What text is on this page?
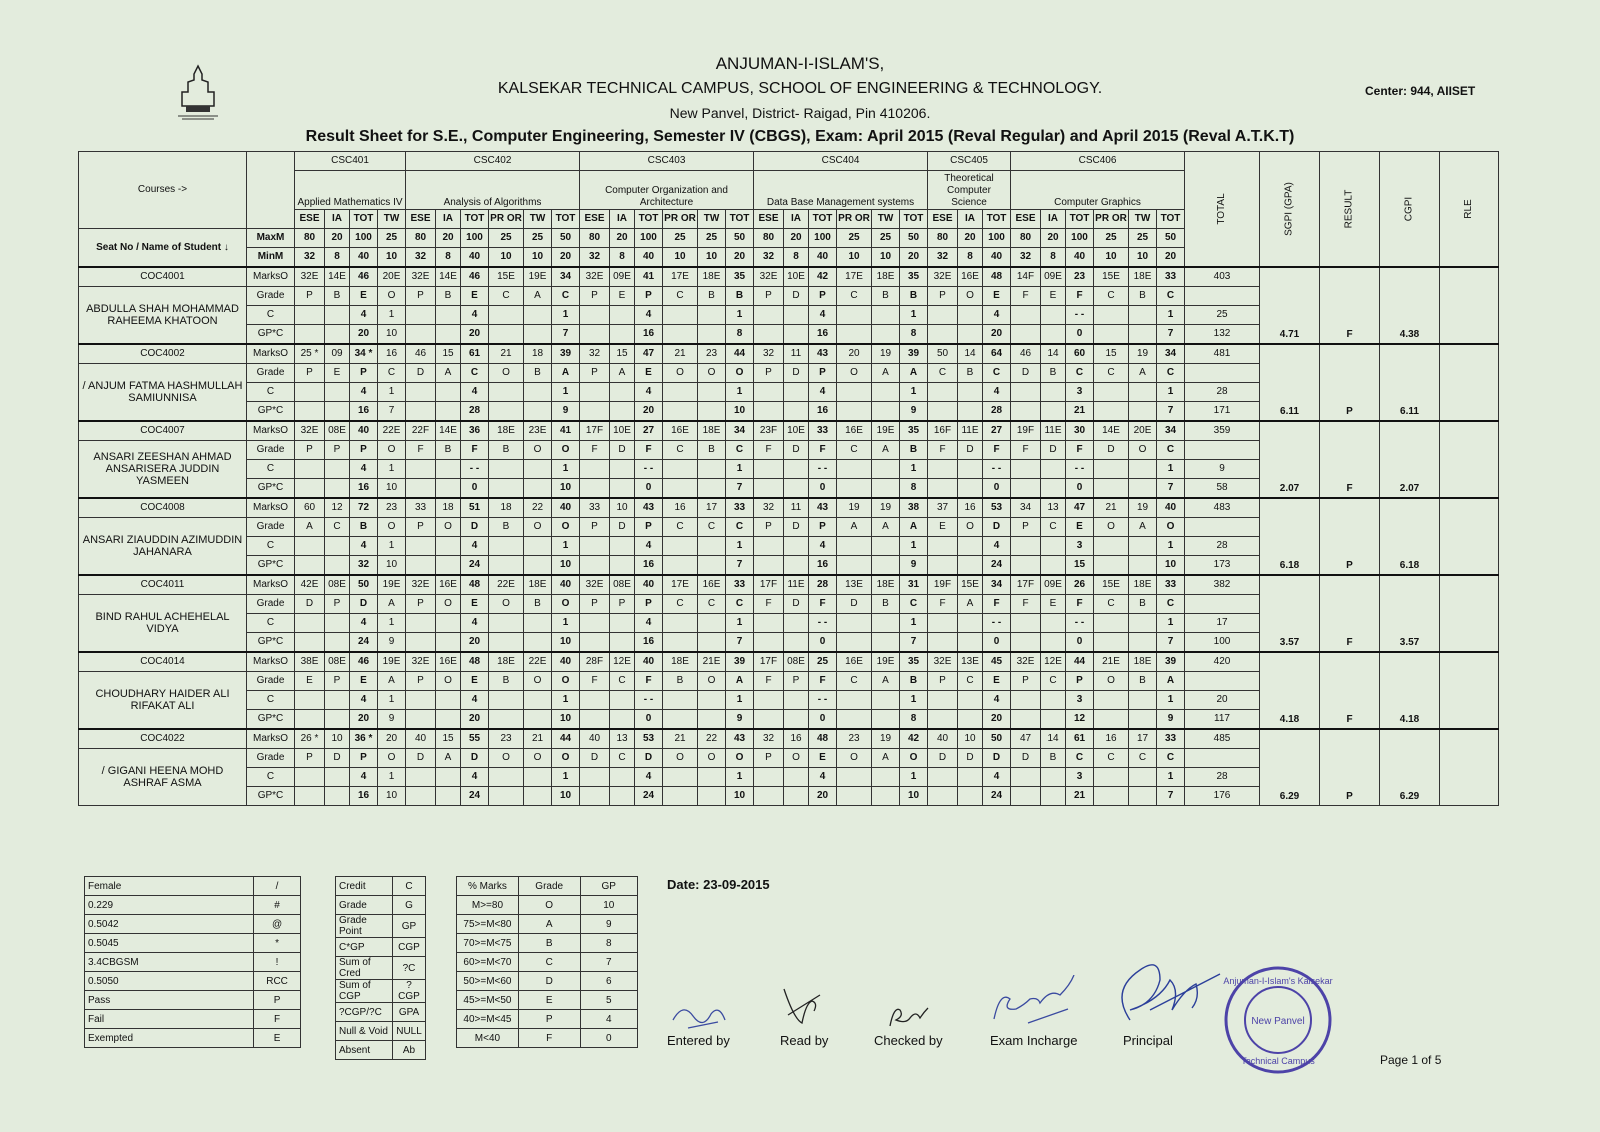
ANJUMAN-I-ISLAM'S,
KALSEKAR TECHNICAL CAMPUS, SCHOOL OF ENGINEERING & TECHNOLOGY.
New Panvel, District- Raigad, Pin 410206.
Result Sheet for S.E., Computer Engineering, Semester IV (CBGS), Exam: April 2015 (Reval Regular) and April 2015 (Reval A.T.K.T)
Center: 944, AIISET
Courses ->		CSC401				CSC402						CSC403						CSC404						CSC405			CSC406						TOTAL	SGPI (GPA)	RESULT	CGPI	RLE	

		Applied Mathematics IV				Analysis of Algorithms						Computer Organization and Architecture						Data Base Management systems						Theoretical Computer Science			Computer Graphics											
		ESE	IA	TOT	TW	ESE	IA	TOT	PR OR	TW	TOT	ESE	IA	TOT	PR OR	TW	TOT	ESE	IA	TOT	PR OR	TW	TOT	ESE	IA	TOT	ESE	IA	TOT	PR OR	TW	TOT						
Seat No / Name of Student ↓	MaxM	80	20	100	25	80	20	100	25	25	50	80	20	100	25	25	50	80	20	100	25	25	50	80	20	100	80	20	100	25	25	50	
	MinM	32	8	40	10	32	8	40	10	10	20	32	8	40	10	10	20	32	8	40	10	10	20	32	8	40	32	8	40	10	10	20						
COC4001	MarksO	32E	14E	46	20E	32E	14E	46	15E	19E	34	32E	09E	41	17E	18E	35	32E	10E	42	17E	18E	35	32E	16E	48	14F	09E	23	15E	18E	33	403	4.71	F	4.38		
ABDULLA SHAH MOHAMMAD RAHEEMA KHATOON	Grade	P	B	E	O	P	B	E	C	A	C	P	E	P	C	B	B	P	D	P	C	B	B	P	O	E	F	E	F	C	B	C						
	C			4	1			4			1			4			1			4			1			4			- -			1	25					
	GP*C			20	10			20			7			16			8			16			8			20			0			7	132					
COC4002	MarksO	25 *	09	34 *	16	46	15	61	21	18	39	32	15	47	21	23	44	32	11	43	20	19	39	50	14	64	46	14	60	15	19	34	481	6.11	P	6.11		
/ ANJUM FATMA HASHMULLAH SAMIUNNISA	Grade	P	E	P	C	D	A	C	O	B	A	P	A	E	O	O	O	P	D	P	O	A	A	C	B	C	D	B	C	C	A	C						
	C			4	1			4			1			4			1			4			1			4			3			1	28					
	GP*C			16	7			28			9			20			10			16			9			28			21			7	171					
COC4007	MarksO	32E	08E	40	22E	22F	14E	36	18E	23E	41	17F	10E	27	16E	18E	34	23F	10E	33	16E	19E	35	16F	11E	27	19F	11E	30	14E	20E	34	359	2.07	F	2.07		
ANSARI ZEESHAN AHMAD ANSARISERA JUDDIN YASMEEN	Grade	P	P	P	O	F	B	F	B	O	O	F	D	F	C	B	C	F	D	F	C	A	B	F	D	F	F	D	F	D	O	C						
	C			4	1			- -			1			- -			1			- -			1			- -			- -			1	9					
	GP*C			16	10			0			10			0			7			0			8			0			0			7	58					
COC4008	MarksO	60	12	72	23	33	18	51	18	22	40	33	10	43	16	17	33	32	11	43	19	19	38	37	16	53	34	13	47	21	19	40	483	6.18	P	6.18		
ANSARI ZIAUDDIN AZIMUDDIN JAHANARA	Grade	A	C	B	O	P	O	D	B	O	O	P	D	P	C	C	C	P	D	P	A	A	A	E	O	D	P	C	E	O	A	O						
	C			4	1			4			1			4			1			4			1			4			3			1	28					
	GP*C			32	10			24			10			16			7			16			9			24			15			10	173					
COC4011	MarksO	42E	08E	50	19E	32E	16E	48	22E	18E	40	32E	08E	40	17E	16E	33	17F	11E	28	13E	18E	31	19F	15E	34	17F	09E	26	15E	18E	33	382	3.57	F	3.57		
BIND RAHUL ACHEHELAL VIDYA	Grade	D	P	D	A	P	O	E	O	B	O	P	P	P	C	C	C	F	D	F	D	B	C	F	A	F	F	E	F	C	B	C						
	C			4	1			4			1			4			1			- -			1			- -			- -			1	17					
	GP*C			24	9			20			10			16			7			0			7			0			0			7	100					
COC4014	MarksO	38E	08E	46	19E	32E	16E	48	18E	22E	40	28F	12E	40	18E	21E	39	17F	08E	25	16E	19E	35	32E	13E	45	32E	12E	44	21E	18E	39	420	4.18	F	4.18		
CHOUDHARY HAIDER ALI RIFAKAT ALI	Grade	E	P	E	A	P	O	E	B	O	O	F	C	F	B	O	A	F	P	F	C	A	B	P	C	E	P	C	P	O	B	A						
	C			4	1			4			1			- -			1			- -			1			4			3			1	20					
	GP*C			20	9			20			10			0			9			0			8			20			12			9	117					
COC4022	MarksO	26 *	10	36 *	20	40	15	55	23	21	44	40	13	53	21	22	43	32	16	48	23	19	42	40	10	50	47	14	61	16	17	33	485	6.29	P	6.29		
/ GIGANI HEENA MOHD ASHRAF ASMA	Grade	P	D	P	O	D	A	D	O	O	O	D	C	D	O	O	O	P	O	E	O	A	O	D	D	D	D	B	C	C	C	C						
	C			4	1			4			1			4			1			4			1			4			3			1	28					
	GP*C			16	10			24			10			24			10			20			10			24			21			7	176					
Female	/
0.229	#
0.5042	@
0.5045	*
3.4CBGSM	!
0.5050	RCC
Pass	P
Fail	F
Exempted	E
Credit	C
Grade	G
Grade Point	GP
C*GP	CGP
Sum of Cred	?C
Sum of CGP	?CGP
?CGP/?C	GPA
Null & Void	NULL
Absent	Ab
% Marks	Grade	GP
M>=80	O	10
75>=M<80	A	9
70>=M<75	B	8
60>=M<70	C	7
50>=M<60	D	6
45>=M<50	E	5
40>=M<45	P	4
M<40	F	0
Date: 23-09-2015
Entered by	Read by	Checked by	Exam Incharge	Principal
Anjuman-I-Islam's Kalsekar
Technical Campus
New Panvel
Page 1 of 5
